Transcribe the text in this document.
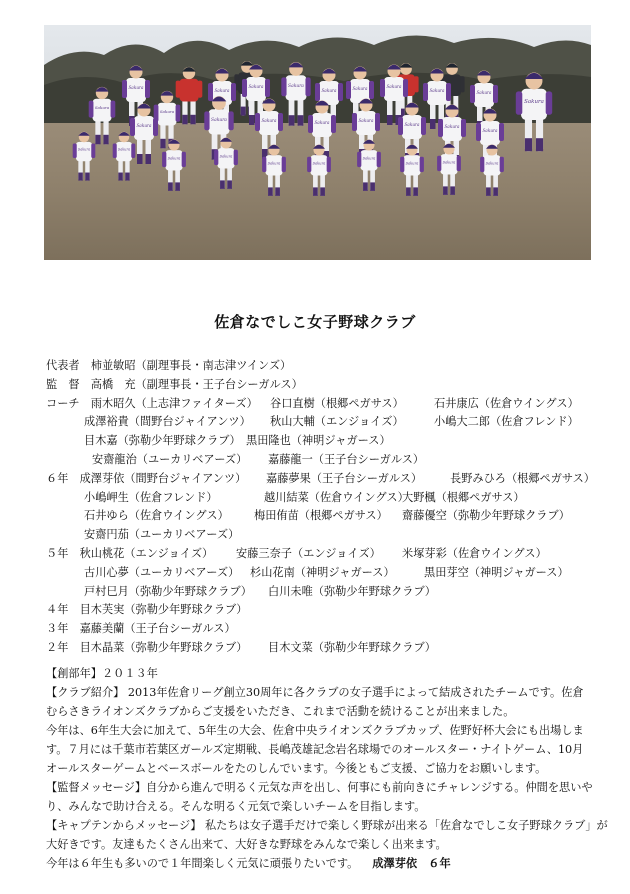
Sakura
Sakura
Sakura
Sakura
Sakura	Sakura
Sakura	Sakura	Sakura
Sakura	Sakura
Sakura
Sakura
Sakura	Sakura	Sakura	Sakura
Sakura	Sakura
Sakura
Sakura	Sakura
Sakura	Sakura
Sakura	Sakura
Sakura
Sakura	Sakura	Sakura
佐倉なでしこ女子野球クラブ
代表者　柿並敏昭（副理事長・南志津ツインズ）
監　督　高橋　充（副理事長・王子台シーガルス）
コーチ　雨木昭久（上志津ファイターズ） 谷口直樹（根郷ペガサス）	石井康広（佐倉ウイングス）
成澤裕貴（間野台ジャイアンツ） 秋山大輔（エンジョイズ）	小嶋大二郎（佐倉フレンド）
目木嘉（弥勒少年野球クラブ） 黒田隆也（神明ジャガース）
安齋龍治（ユーカリベアーズ） 嘉藤龍一（王子台シーガルス）
６年　成澤芽依（間野台ジャイアンツ） 嘉藤夢果（王子台シーガルス） 長野みひろ（根郷ペガサス）
小嶋岬生（佐倉フレンド）	越川結菜（佐倉ウイングス）
大野楓（根郷ペガサス）
石井ゆら（佐倉ウイングス） 梅田侑苗（根郷ペガサス） 齋藤優空（弥勒少年野球クラブ）
安齋円茄（ユーカリベアーズ）
５年　秋山桃花（エンジョイズ） 安藤三奈子（エンジョイズ） 米塚芽彩（佐倉ウイングス）
古川心夢（ユーカリベアーズ） 杉山花南（神明ジャガース）	黒田芽空（神明ジャガース）
戸村巳月（弥勒少年野球クラブ） 白川未唯（弥勒少年野球クラブ）
４年　目木芙実（弥勒少年野球クラブ）
３年　嘉藤美蘭（王子台シーガルス）
２年　目木晶菜（弥勒少年野球クラブ） 目木文菜（弥勒少年野球クラブ）

【創部年】２０１３年

【クラブ紹介】 2013年佐倉リーグ創立30周年に各クラブの女子選手によって結成されたチームです。佐倉

むらさきライオンズクラブからご支援をいただき、これまで活動を続けることが出来ました。

今年は、6年生大会に加えて、5年生の大会、佐倉中央ライオンズクラブカップ、佐野好杯大会にも出場しま

す。７月には千葉市若葉区ガールズ定期戦、長嶋茂雄記念岩名球場でのオールスター・ナイトゲーム、10月

オールスターゲームとベースボールをたのしんでいます。今後ともご支援、ご協力をお願いします。

【監督メッセージ】自分から進んで明るく元気な声を出し、何事にも前向きにチャレンジする。仲間を思いや

り、みんなで助け合える。そんな明るく元気で楽しいチームを目指します。

【キャプテンからメッセージ】 私たちは女子選手だけで楽しく野球が出来る「佐倉なでしこ女子野球クラブ」が

大好きです。友達もたくさん出来て、大好きな野球をみんなで楽しく出来ます。

今年は６年生も多いので１年間楽しく元気に頑張りたいです。 成澤芽依　６年
